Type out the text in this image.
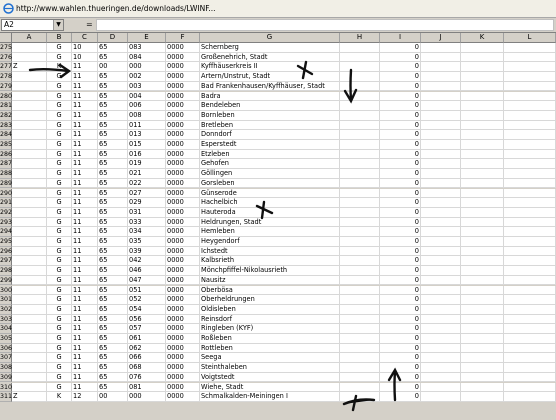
http://www.wahlen.thueringen.de/downloads/LWINF...
A2	▼	=
A	B	C	D	E	F	G	H	I	J	K	L
275	G	10	65	083	0000	Schernberg	0
276	G	10	65	084	0000	Großenehrich, Stadt	0
277 Z	K	11	00	000	0000	Kyffhäuserkreis II	0
278	G	11	65	002	0000	Artern/Unstrut, Stadt	0
279	G	11	65	003	0000	Bad Frankenhausen/Kyffhäuser, Stadt	0
280	G	11	65	004	0000	Badra	0
281	G	11	65	006	0000	Bendeleben	0
282	G	11	65	008	0000	Bornleben	0
283	G	11	65	011	0000	Bretleben	0
284	G	11	65	013	0000	Donndorf	0
285	G	11	65	015	0000	Esperstedt	0
286	G	11	65	016	0000	Etzleben	0
287	G	11	65	019	0000	Gehofen	0
288	G	11	65	021	0000	Göllingen	0
289	G	11	65	022	0000	Gorsleben	0
290	G	11	65	027	0000	Günserode	0
291	G	11	65	029	0000	Hachelbich	0
292	G	11	65	031	0000	Hauteroda	0
293	G	11	65	033	0000	Heldrungen, Stadt	0
294	G	11	65	034	0000	Hemleben	0
295	G	11	65	035	0000	Heygendorf	0
296	G	11	65	039	0000	Ichstedt	0
297	G	11	65	042	0000	Kalbsrieth	0
298	G	11	65	046	0000	Mönchpfiffel-Nikolausrieth	0
299	G	11	65	047	0000	Nausitz	0
300	G	11	65	051	0000	Oberbösa	0
301	G	11	65	052	0000	Oberheldrungen	0
302	G	11	65	054	0000	Oldisleben	0
303	G	11	65	056	0000	Reinsdorf	0
304	G	11	65	057	0000	Ringleben (KYF)	0
305	G	11	65	061	0000	Roßleben	0
306	G	11	65	062	0000	Rottleben	0
307	G	11	65	066	0000	Seega	0
308	G	11	65	068	0000	Steinthaleben	0
309	G	11	65	076	0000	Voigtstedt	0
310	G	11	65	081	0000	Wiehe, Stadt	0
311 Z	K	12	00	000	0000	Schmalkalden-Meiningen I	0
